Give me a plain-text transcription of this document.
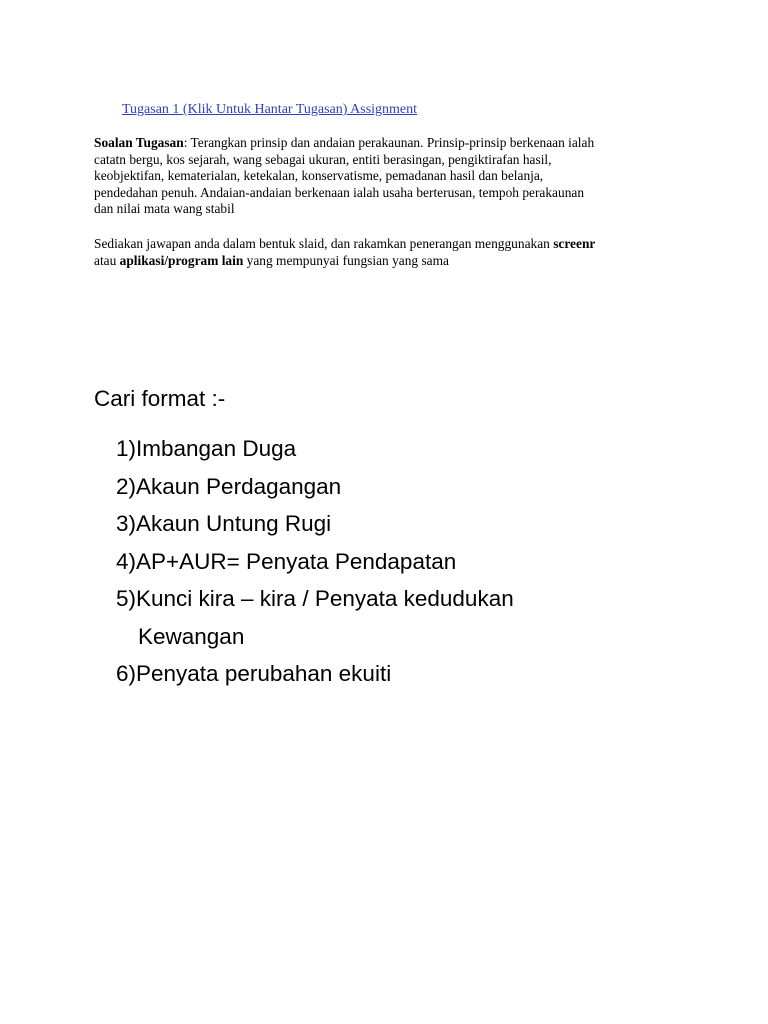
Tugasan 1 (Klik Untuk Hantar Tugasan) Assignment
Soalan Tugasan: Terangkan prinsip dan andaian perakaunan. Prinsip-prinsip berkenaan ialah
catatn bergu, kos sejarah, wang sebagai ukuran, entiti berasingan, pengiktirafan hasil,
keobjektifan, kematerialan, ketekalan, konservatisme, pemadanan hasil dan belanja,
pendedahan penuh. Andaian-andaian berkenaan ialah usaha berterusan, tempoh perakaunan
dan nilai mata wang stabil
Sediakan jawapan anda dalam bentuk slaid, dan rakamkan penerangan menggunakan screenr
atau aplikasi/program lain yang mempunyai fungsian yang sama
Cari format :-
1)Imbangan Duga
2)Akaun Perdagangan
3)Akaun Untung Rugi
4)AP+AUR= Penyata Pendapatan
5)Kunci kira – kira / Penyata kedudukan
Kewangan
6)Penyata perubahan ekuiti
